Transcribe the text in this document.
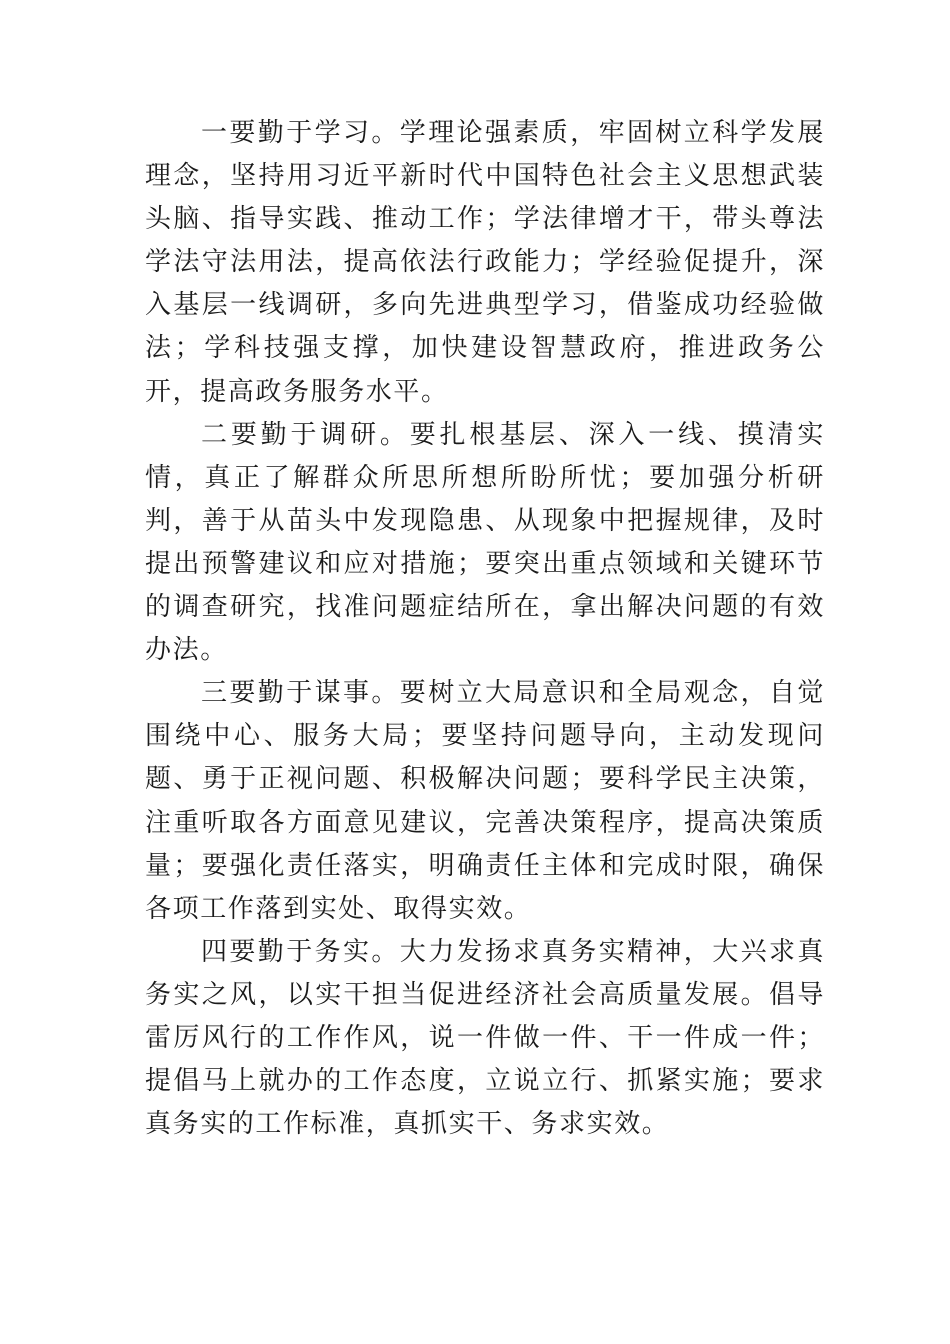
一要勤于学习。学理论强素质，牢固树立科学发展理念，坚持用习近平新时代中国特色社会主义思想武装头脑、指导实践、推动工作；学法律增才干，带头尊法学法守法用法，提高依法行政能力；学经验促提升，深入基层一线调研，多向先进典型学习，借鉴成功经验做法；学科技强支撑，加快建设智慧政府，推进政务公开，提高政务服务水平。

二要勤于调研。要扎根基层、深入一线、摸清实情，真正了解群众所思所想所盼所忧；要加强分析研判，善于从苗头中发现隐患、从现象中把握规律，及时提出预警建议和应对措施；要突出重点领域和关键环节的调查研究，找准问题症结所在，拿出解决问题的有效办法。

三要勤于谋事。要树立大局意识和全局观念，自觉围绕中心、服务大局；要坚持问题导向，主动发现问题、勇于正视问题、积极解决问题；要科学民主决策，注重听取各方面意见建议，完善决策程序，提高决策质量；要强化责任落实，明确责任主体和完成时限，确保各项工作落到实处、取得实效。

四要勤于务实。大力发扬求真务实精神，大兴求真务实之风，以实干担当促进经济社会高质量发展。倡导雷厉风行的工作作风，说一件做一件、干一件成一件；提倡马上就办的工作态度，立说立行、抓紧实施；要求真务实的工作标准，真抓实干、务求实效。
